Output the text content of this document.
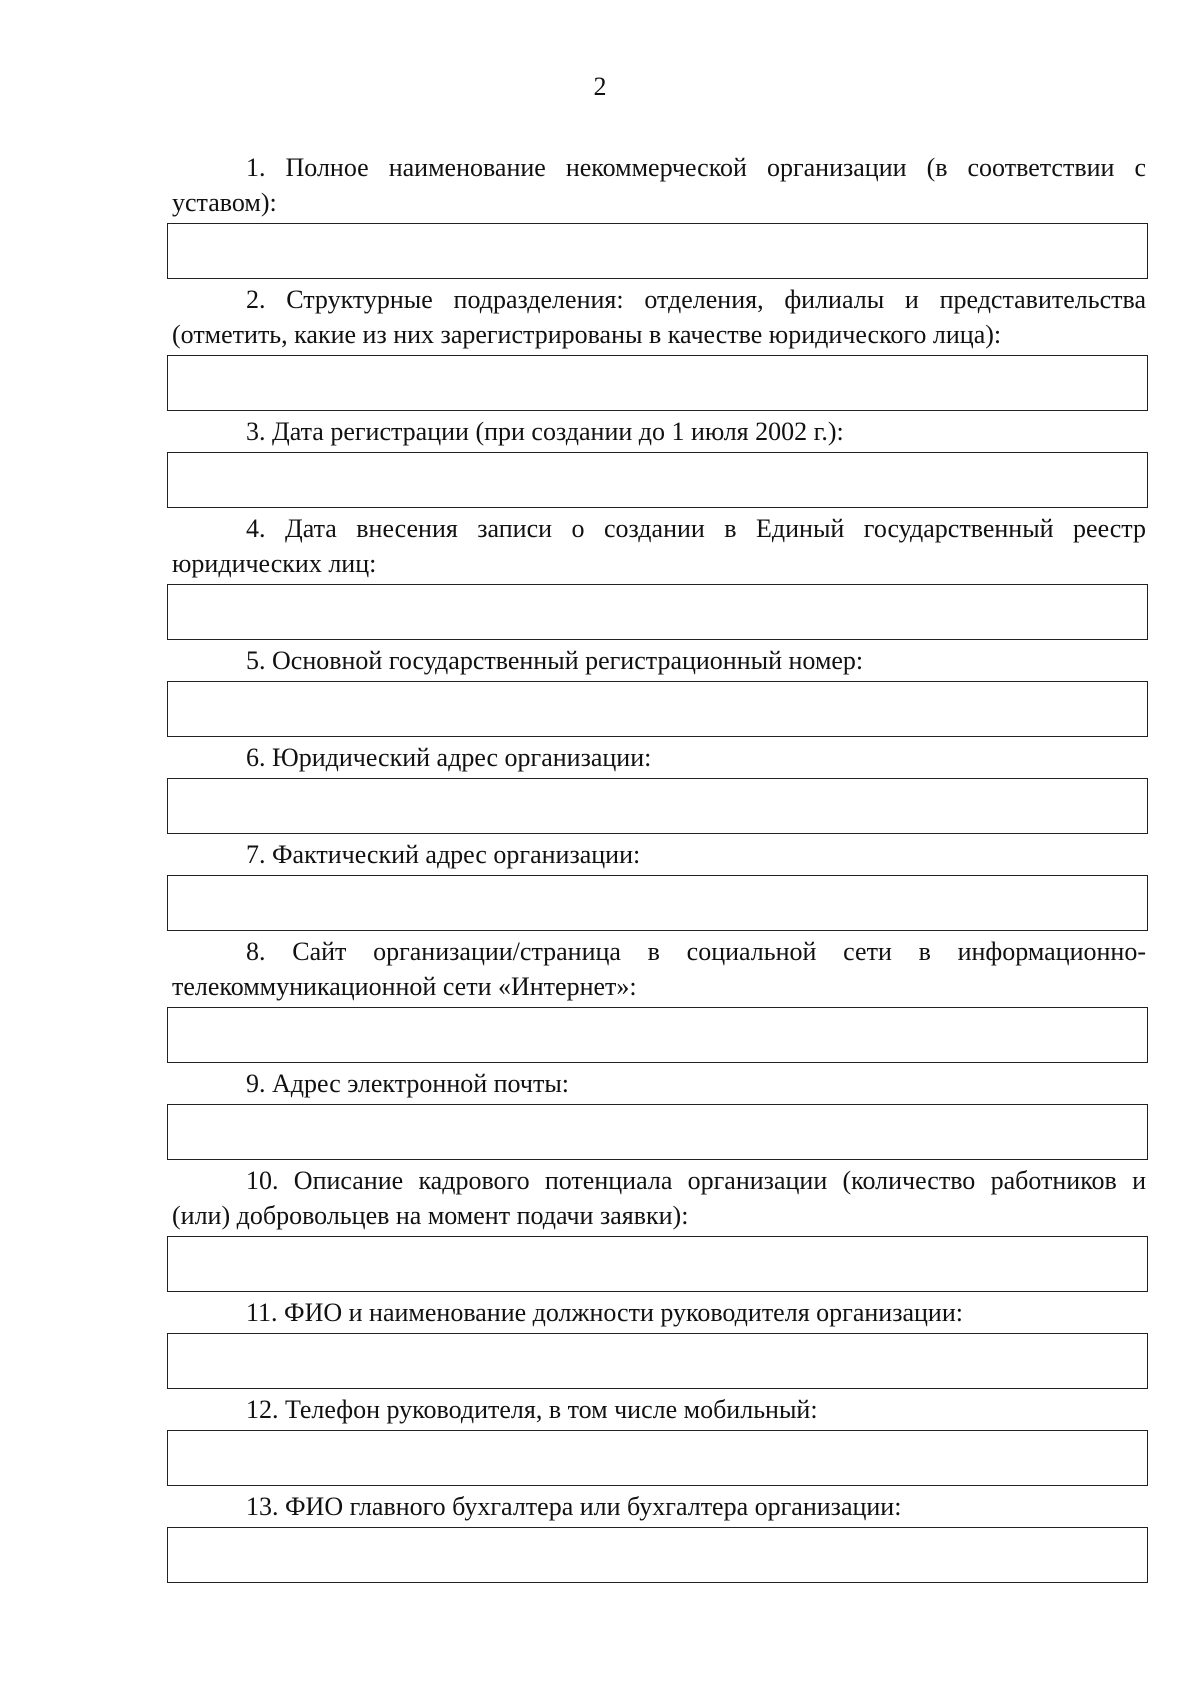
2

1. Полное наименование некоммерческой организации (в соответствии с уставом):

2. Структурные подразделения: отделения, филиалы и представительства (отметить, какие из них зарегистрированы в качестве юридического лица):

3. Дата регистрации (при создании до 1 июля 2002 г.):

4. Дата внесения записи о создании в Единый государственный реестр юридических лиц:

5. Основной государственный регистрационный номер:

6. Юридический адрес организации:

7. Фактический адрес организации:

8. Сайт организации/страница в социальной сети в информационно-телекоммуникационной сети «Интернет»:

9. Адрес электронной почты:

10. Описание кадрового потенциала организации (количество работников и (или) добровольцев на момент подачи заявки):

11. ФИО и наименование должности руководителя организации:

12. Телефон руководителя, в том числе мобильный:

13. ФИО главного бухгалтера или бухгалтера организации:
